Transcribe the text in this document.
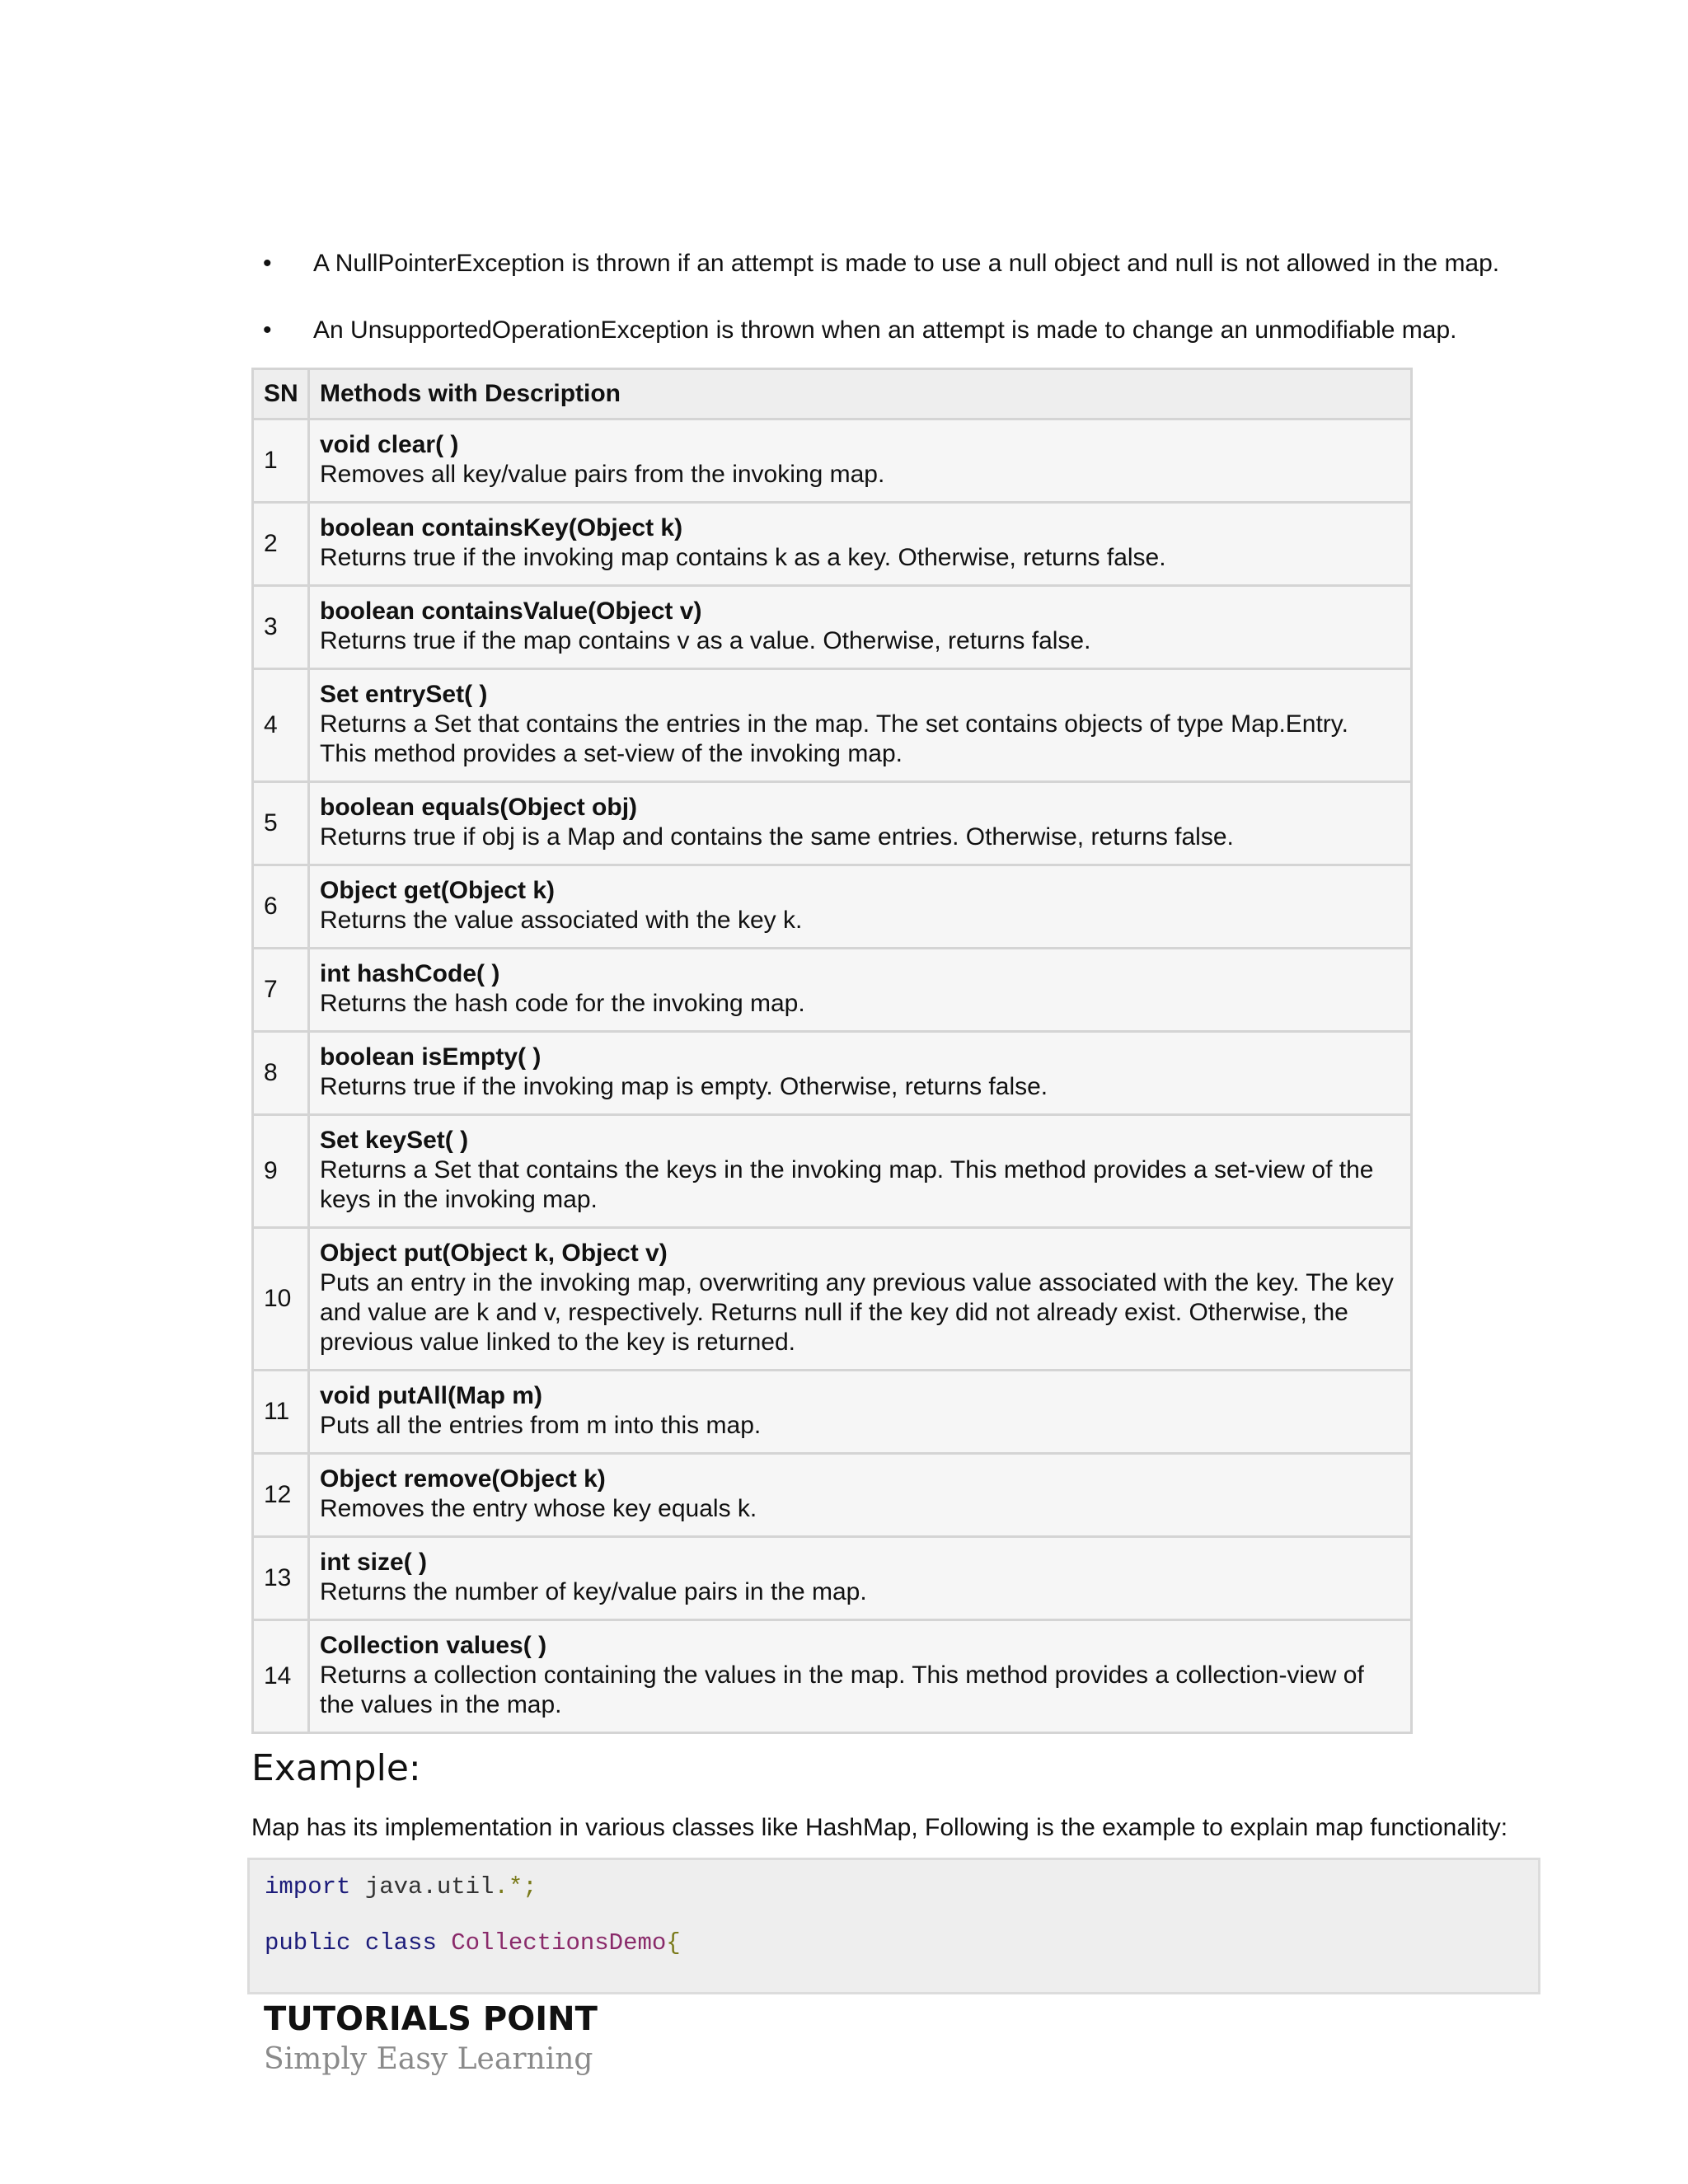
• A NullPointerException is thrown if an attempt is made to use a null object and null is not allowed in the map.
• An UnsupportedOperationException is thrown when an attempt is made to change an unmodifiable map.
SN	Methods with Description
1	void clear( )
Removes all key/value pairs from the invoking map.

2	boolean containsKey(Object k)
Returns true if the invoking map contains k as a key. Otherwise, returns false.

3	boolean containsValue(Object v)
Returns true if the map contains v as a value. Otherwise, returns false.

4	Set entrySet( )
Returns a Set that contains the entries in the map. The set contains objects of type Map.Entry. This method provides a set-view of the invoking map.

5	boolean equals(Object obj)
Returns true if obj is a Map and contains the same entries. Otherwise, returns false.

6	Object get(Object k)
Returns the value associated with the key k.

7	int hashCode( )
Returns the hash code for the invoking map.

8	boolean isEmpty( )
Returns true if the invoking map is empty. Otherwise, returns false.

9	Set keySet( )
Returns a Set that contains the keys in the invoking map. This method provides a set-view of the keys in the invoking map.

10	Object put(Object k, Object v)
Puts an entry in the invoking map, overwriting any previous value associated with the key. The key and value are k and v, respectively. Returns null if the key did not already exist. Otherwise, the previous value linked to the key is returned.

11	void putAll(Map m)
Puts all the entries from m into this map.

12	Object remove(Object k)
Removes the entry whose key equals k.

13	int size( )
Returns the number of key/value pairs in the map.

14	Collection values( )
Returns a collection containing the values in the map. This method provides a collection-view of the values in the map.
Example:

Map has its implementation in various classes like HashMap, Following is the example to explain map functionality:

import java.util.*;
public class CollectionsDemo{
TUTORIALS POINT
Simply Easy Learning
